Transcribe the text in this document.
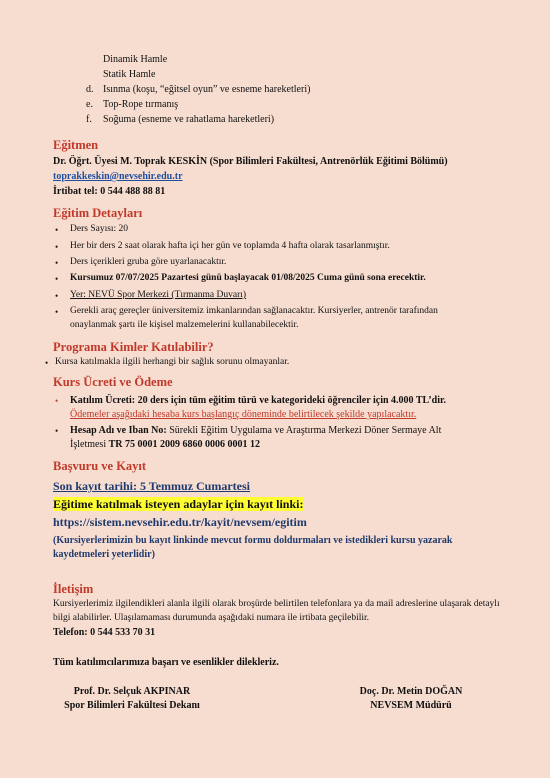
Dinamik Hamle
Statik Hamle
d. Isınma (koşu, “eğitsel oyun” ve esneme hareketleri)
e. Top-Rope tırmanış
f. Soğuma (esneme ve rahatlama hareketleri)
Eğitmen
Dr. Öğrt. Üyesi M. Toprak KESKİN (Spor Bilimleri Fakültesi, Antrenörlük Eğitimi Bölümü)
toprakkeskin@nevsehir.edu.tr
İrtibat tel: 0 544 488 88 81
Eğitim Detayları
• Ders Sayısı: 20
• Her bir ders 2 saat olarak hafta içi her gün ve toplamda 4 hafta olarak tasarlanmıştır.
• Ders içerikleri gruba göre uyarlanacaktır.
• Kursumuz 07/07/2025 Pazartesi günü başlayacak 01/08/2025 Cuma günü sona erecektir.
• Yer: NEVÜ Spor Merkezi (Tırmanma Duvarı)
• Gerekli araç gereçler üniversitemiz imkanlarından sağlanacaktır. Kursiyerler, antrenör tarafından
onaylanmak şartı ile kişisel malzemelerini kullanabilecektir.
Programa Kimler Katılabilir?
• Kursa katılmakla ilgili herhangi bir sağlık sorunu olmayanlar.
Kurs Ücreti ve Ödeme
• Katılım Ücreti: 20 ders için tüm eğitim türü ve kategorideki öğrenciler için 4.000 TL’dir.
Ödemeler aşağıdaki hesaba kurs başlangıç döneminde belirtilecek şekilde yapılacaktır.
• Hesap Adı ve Iban No: Sürekli Eğitim Uygulama ve Araştırma Merkezi Döner Sermaye Alt
İşletmesi TR 75 0001 2009 6860 0006 0001 12
Başvuru ve Kayıt
Son kayıt tarihi: 5 Temmuz Cumartesi
Eğitime katılmak isteyen adaylar için kayıt linki:
https://sistem.nevsehir.edu.tr/kayit/nevsem/egitim
(Kursiyerlerimizin bu kayıt linkinde mevcut formu doldurmaları ve istedikleri kursu yazarak kaydetmeleri yeterlidir)
İletişim
Kursiyerlerimiz ilgilendikleri alanla ilgili olarak broşürde belirtilen telefonlara ya da mail adreslerine ulaşarak detaylı bilgi alabilirler. Ulaşılamaması durumunda aşağıdaki numara ile irtibata geçilebilir.
Telefon: 0 544 533 70 31
Tüm katılımcılarımıza başarı ve esenlikler dilekleriz.
Prof. Dr. Selçuk AKPINAR
Spor Bilimleri Fakültesi Dekanı
Doç. Dr. Metin DOĞAN
NEVSEM Müdürü
